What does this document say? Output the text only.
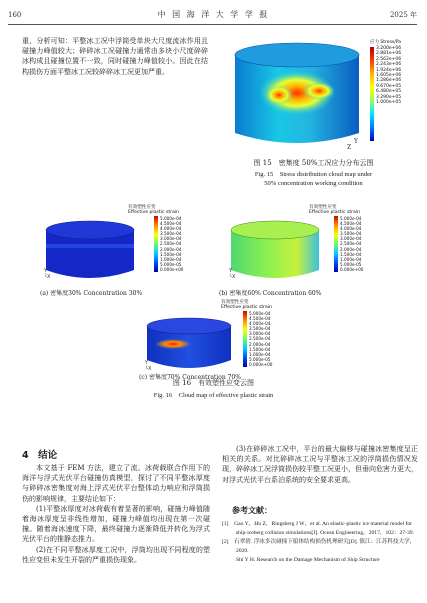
160	中 国 海 洋 大 学 学 报	2025 年
重，分析可知：平整冰工况中浮筒受单块大尺度流冰作用且碰撞力峰值较大；碎碎冰工况碰撞力通常由多块小尺度碎碎冰构成且碰撞位置不一致，同时碰撞力峰值较小。因此在结构损伤方面平整冰工况较碎碎冰工况更加严重。
Z
Y
应力 Stress/Pa
3.200e+06
2.881e+06
2.562e+06
2.243e+06
1.924e+06
1.605e+06
1.286e+06
9.670e+05
6.480e+05
3.290e+05
1.000e+05
图 15　密集度 50%工况应力分布云图
Fig. 15　Stress distribution cloud map under
50% concentration working condition
有效塑性应变
Effective plastic strain
5.000e-04
4.500e-04
4.000e-04
3.500e-04
3.000e-04
2.500e-04
2.000e-04
1.500e-04
1.000e-04
5.000e-05
0.000e+00
Y
└X
(a) 密集度30% Concentration 30%
有效塑性应变
Effective plastic strain
5.000e-04
4.500e-04
4.000e-04
3.500e-04
3.000e-04
2.500e-04
2.000e-04
1.500e-04
1.000e-04
5.000e-05
0.000e+00
Y
└X
(b) 密集度60% Concentration 60%
有效塑性应变
Effective plastic strain
5.000e-04
4.500e-04
4.000e-04
3.500e-04
3.000e-04
2.500e-04
2.000e-04
1.500e-04
1.000e-04
5.000e-05
0.000e+00
Y
└X
(c) 密集度70% Concentration 70%
图 16　有效塑性应变云图
Fig. 16　Cloud map of effective plastic strain
4　结论

本文基于 FEM 方法，建立了流、冰荷载联合作用下的海洋与浮式光伏平台碰撞仿真模型，探讨了不同平整冰厚度与碎碎冰密集度对海上浮式光伏平台整体动力响应和浮筒损伤的影响规律，主要结论如下：

(1)平整冰厚度对冰荷载有着显著的影响，碰撞力峰值随着海冰厚度呈非线性增加，碰撞力峰值均出现在第一次碰撞。随着海冰速度下降，最终碰撞力逐渐降低并转化为浮式光伏平台的推静态推力。

(2)在不同平整冰厚度工况中，浮筒均出现不同程度的塑性应变但未发生开裂的严重损伤现象。

(3)在碎碎冰工况中，平台的最大偏移与碰撞冰密集度呈正相关的关系。对比碎碎冰工况与平整冰工况的浮筒损伤情况发现，碎碎冰工况浮筒损伤较平整工况更小，但垂向危害力更大，对浮式光伏平台系泊系统的安全要求更高。

参考文献：

[1]　Gao Y，Hu Z，Ringsberg J W，et al. An elastic-plastic ice material model for ship-iceberg collision simulations[J]. Ocean Engineering，2017，102：27-39.

[2]　石翠碧. 浮冰多次碰撞下船体结构损伤机理研究[D]. 镇江：江苏科技大学，2020.

Shi Y H. Research on the Damage Mechanism of Ship Structure
